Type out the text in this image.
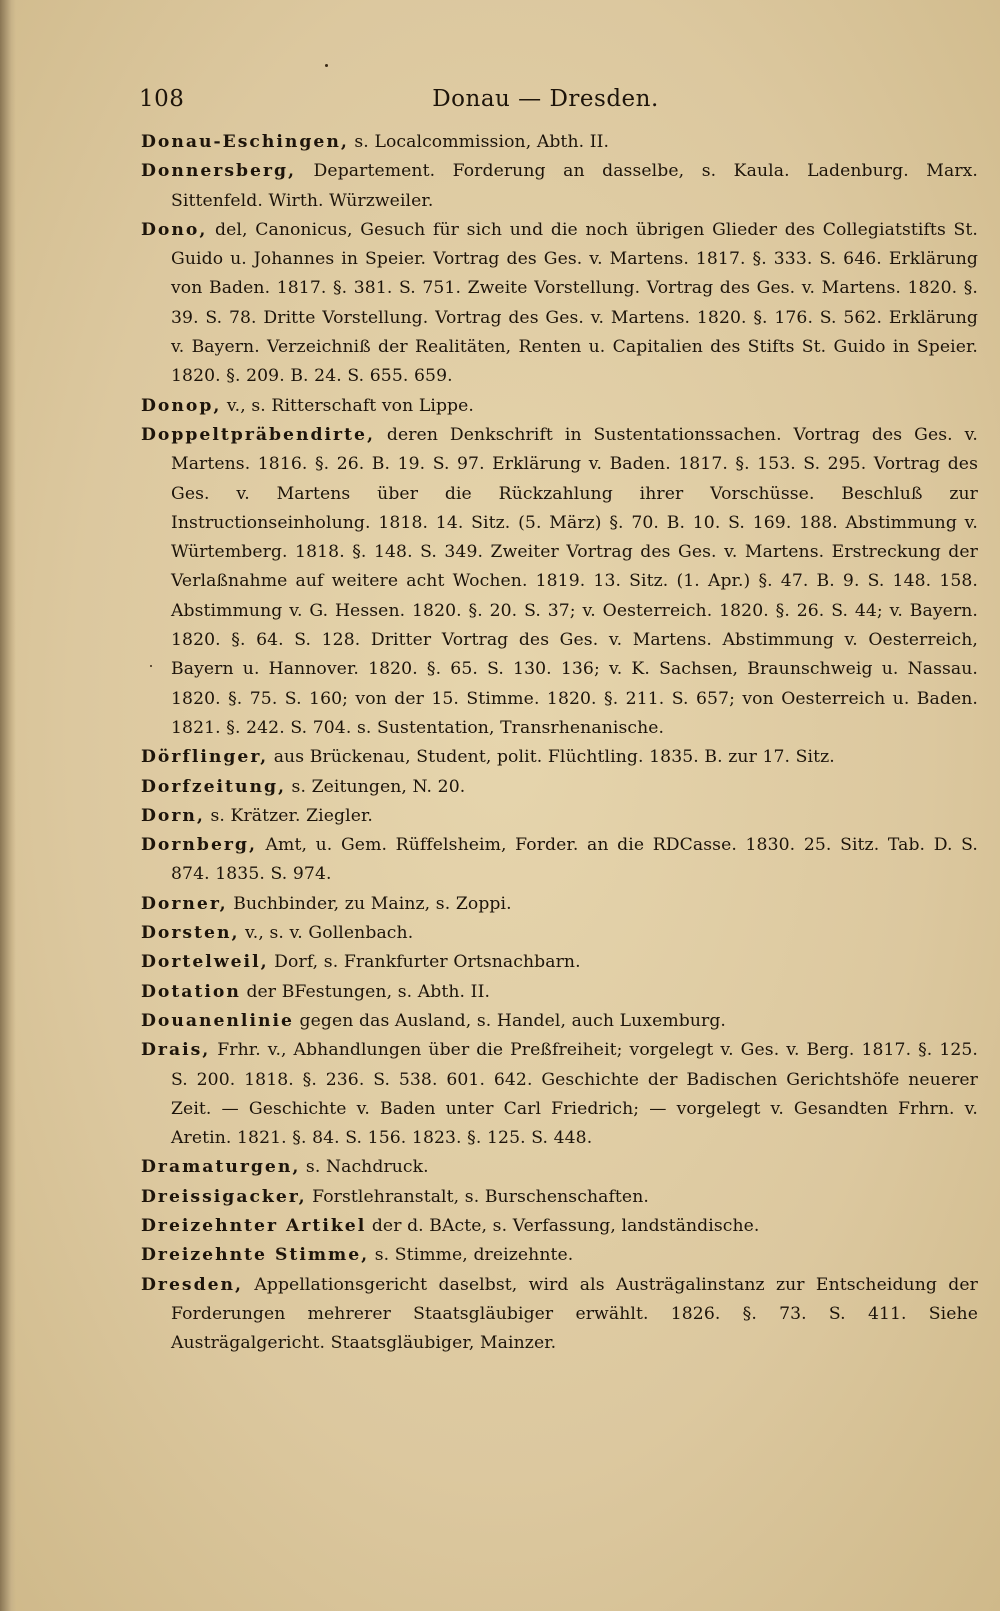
108	Donau — Dresden.

Donau-Eschingen, s. Localcommission, Abth. II.

Donnersberg, Departement. Forderung an dasselbe, s. Kaula. Ladenburg. Marx. Sittenfeld. Wirth. Würzweiler.

Dono, del, Canonicus, Gesuch für sich und die noch übrigen Glieder des Collegiatstifts St. Guido u. Johannes in Speier. Vortrag des Ges. v. Martens. 1817. §. 333. S. 646. Erklärung von Baden. 1817. §. 381. S. 751. Zweite Vorstellung. Vortrag des Ges. v. Martens. 1820. §. 39. S. 78. Dritte Vorstellung. Vortrag des Ges. v. Martens. 1820. §. 176. S. 562. Erklärung v. Bayern. Verzeichniß der Realitäten, Renten u. Capitalien des Stifts St. Guido in Speier. 1820. §. 209. B. 24. S. 655. 659.

Donop, v., s. Ritterschaft von Lippe.

Doppeltpräbendirte, deren Denkschrift in Sustentationssachen. Vortrag des Ges. v. Martens. 1816. §. 26. B. 19. S. 97. Erklärung v. Baden. 1817. §. 153. S. 295. Vortrag des Ges. v. Martens über die Rückzahlung ihrer Vorschüsse. Beschluß zur Instructionseinholung. 1818. 14. Sitz. (5. März) §. 70. B. 10. S. 169. 188. Abstimmung v. Würtemberg. 1818. §. 148. S. 349. Zweiter Vortrag des Ges. v. Martens. Erstreckung der Verlaßnahme auf weitere acht Wochen. 1819. 13. Sitz. (1. Apr.) §. 47. B. 9. S. 148. 158. Abstimmung v. G. Hessen. 1820. §. 20. S. 37; v. Oesterreich. 1820. §. 26. S. 44; v. Bayern. 1820. §. 64. S. 128. Dritter Vortrag des Ges. v. Martens. Abstimmung v. Oesterreich, Bayern u. Hannover. 1820. §. 65. S. 130. 136; v. K. Sachsen, Braunschweig u. Nassau. 1820. §. 75. S. 160; von der 15. Stimme. 1820. §. 211. S. 657; von Oesterreich u. Baden. 1821. §. 242. S. 704. s. Sustentation, Transrhenanische.

Dörflinger, aus Brückenau, Student, polit. Flüchtling. 1835. B. zur 17. Sitz.

Dorfzeitung, s. Zeitungen, N. 20.

Dorn, s. Krätzer. Ziegler.

Dornberg, Amt, u. Gem. Rüffelsheim, Forder. an die RDCasse. 1830. 25. Sitz. Tab. D. S. 874. 1835. S. 974.

Dorner, Buchbinder, zu Mainz, s. Zoppi.

Dorsten, v., s. v. Gollenbach.

Dortelweil, Dorf, s. Frankfurter Ortsnachbarn.

Dotation der BFestungen, s. Abth. II.

Douanenlinie gegen das Ausland, s. Handel, auch Luxemburg.

Drais, Frhr. v., Abhandlungen über die Preßfreiheit; vorgelegt v. Ges. v. Berg. 1817. §. 125. S. 200. 1818. §. 236. S. 538. 601. 642. Geschichte der Badischen Gerichtshöfe neuerer Zeit. — Geschichte v. Baden unter Carl Friedrich; — vorgelegt v. Gesandten Frhrn. v. Aretin. 1821. §. 84. S. 156. 1823. §. 125. S. 448.

Dramaturgen, s. Nachdruck.

Dreissigacker, Forstlehranstalt, s. Burschenschaften.

Dreizehnter Artikel der d. BActe, s. Verfassung, landständische.

Dreizehnte Stimme, s. Stimme, dreizehnte.

Dresden, Appellationsgericht daselbst, wird als Austrägalinstanz zur Entscheidung der Forderungen mehrerer Staatsgläubiger erwählt. 1826. §. 73. S. 411. Siehe Austrägalgericht. Staatsgläubiger, Mainzer.
